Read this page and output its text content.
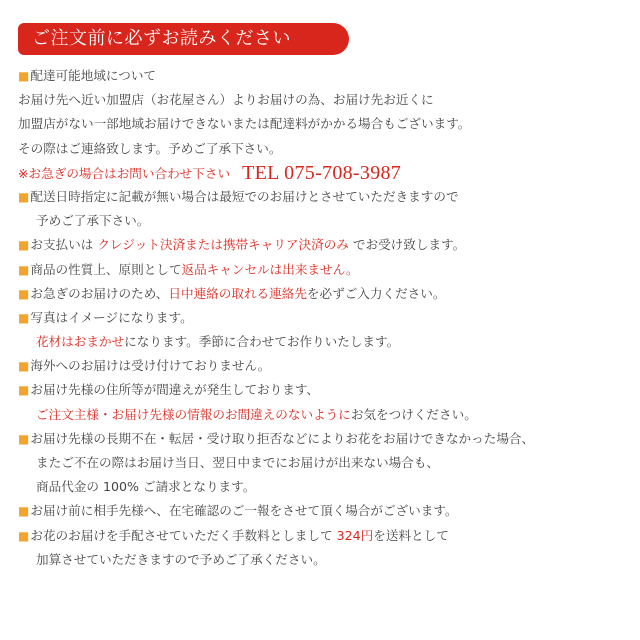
ご注文前に必ずお読みください
■配達可能地域について
お届け先へ近い加盟店（お花屋さん）よりお届けの為、お届け先お近くに
加盟店がない一部地域お届けできないまたは配達料がかかる場合もございます。
その際はご連絡致します。予めご了承下さい。
※お急ぎの場合はお問い合わせ下さい TEL 075-708-3987
■配送日時指定に記載が無い場合は最短でのお届けとさせていただきますので
予めご了承下さい。
■お支払いは クレジット決済または携帯キャリア決済のみ でお受け致します。
■商品の性質上、原則として返品キャンセルは出来ません。
■お急ぎのお届けのため、日中連絡の取れる連絡先を必ずご入力ください。
■写真はイメージになります。
花材はおまかせになります。季節に合わせてお作りいたします。
■海外へのお届けは受け付けておりません。
■お届け先様の住所等が間違えが発生しております、
ご注文主様・お届け先様の情報のお間違えのないようにお気をつけください。
■お届け先様の長期不在・転居・受け取り拒否などによりお花をお届けできなかった場合、
またご不在の際はお届け当日、翌日中までにお届けが出来ない場合も、
商品代金の 100% ご請求となります。
■お届け前に相手先様へ、在宅確認のご一報をさせて頂く場合がございます。
■お花のお届けを手配させていただく手数料としまして 324円を送料として
加算させていただきますので予めご了承ください。
